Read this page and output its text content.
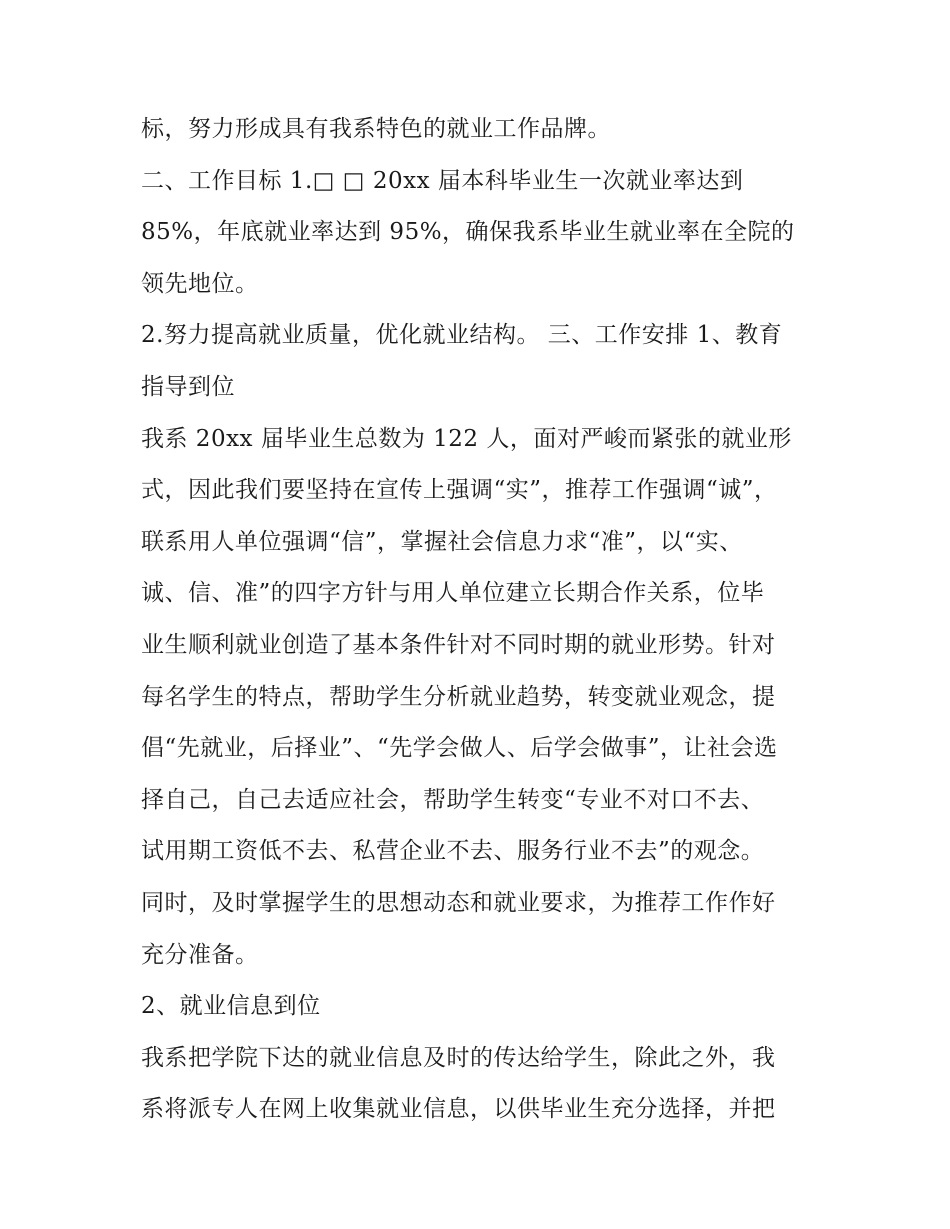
标，努力形成具有我系特色的就业工作品牌。
二、工作目标 1.□ □ 20xx 届本科毕业生一次就业率达到
85%，年底就业率达到 95%，确保我系毕业生就业率在全院的
领先地位。
2.努力提高就业质量，优化就业结构。 三、工作安排 1、教育
指导到位
我系 20xx 届毕业生总数为 122 人，面对严峻而紧张的就业形
式，因此我们要坚持在宣传上强调“实”，推荐工作强调“诚”，
联系用人单位强调“信”，掌握社会信息力求“准”，以“实、
诚、信、准”的四字方针与用人单位建立长期合作关系，位毕
业生顺利就业创造了基本条件针对不同时期的就业形势。针对
每名学生的特点，帮助学生分析就业趋势，转变就业观念，提
倡“先就业，后择业”、“先学会做人、后学会做事”，让社会选
择自己，自己去适应社会，帮助学生转变“专业不对口不去、
试用期工资低不去、私营企业不去、服务行业不去”的观念。
同时，及时掌握学生的思想动态和就业要求，为推荐工作作好
充分准备。
2、就业信息到位
我系把学院下达的就业信息及时的传达给学生，除此之外，我
系将派专人在网上收集就业信息，以供毕业生充分选择，并把
